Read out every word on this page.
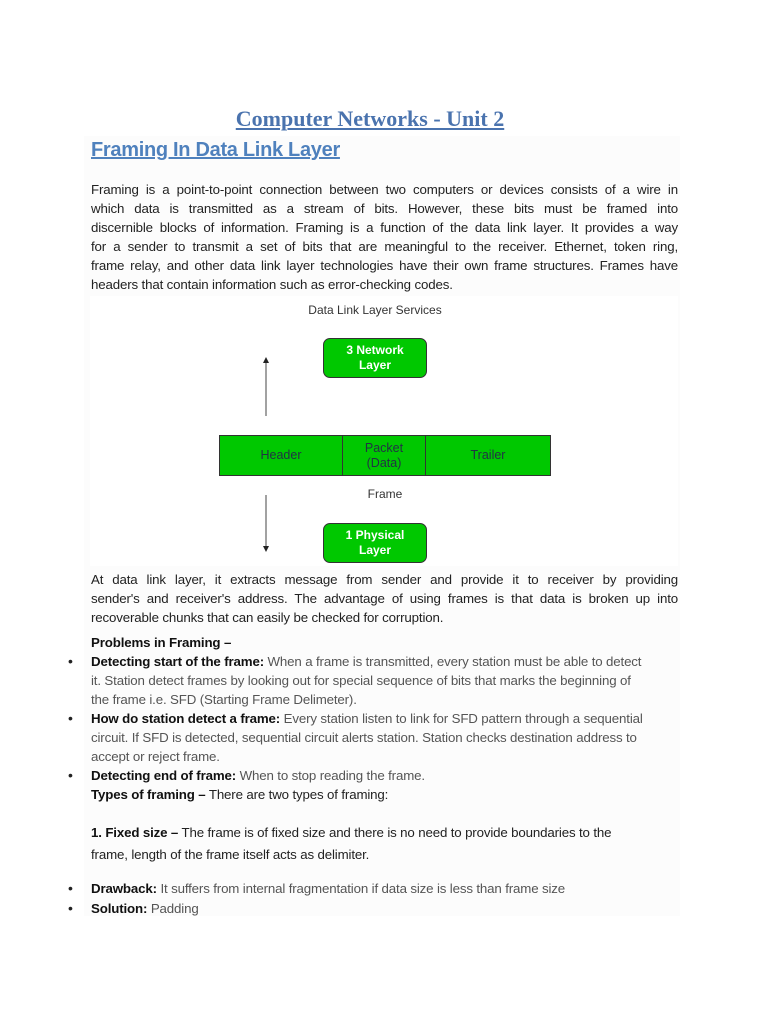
Computer Networks - Unit 2
Framing In Data Link Layer
Framing is a point-to-point connection between two computers or devices consists of a wire in
which data is transmitted as a stream of bits. However, these bits must be framed into
discernible blocks of information. Framing is a function of the data link layer. It provides a way
for a sender to transmit a set of bits that are meaningful to the receiver. Ethernet, token ring,
frame relay, and other data link layer technologies have their own frame structures. Frames have
headers that contain information such as error-checking codes.
Data Link Layer Services
3 Network
Layer
Header
Packet
(Data)
Trailer
Frame
1 Physical
Layer
At data link layer, it extracts message from sender and provide it to receiver by providing
sender's and receiver's address. The advantage of using frames is that data is broken up into
recoverable chunks that can easily be checked for corruption.
Problems in Framing –
• Detecting start of the frame: When a frame is transmitted, every station must be able to detect
it. Station detect frames by looking out for special sequence of bits that marks the beginning of
the frame i.e. SFD (Starting Frame Delimeter).
• How do station detect a frame: Every station listen to link for SFD pattern through a sequential
circuit. If SFD is detected, sequential circuit alerts station. Station checks destination address to
accept or reject frame.
• Detecting end of frame: When to stop reading the frame.
Types of framing – There are two types of framing:
1. Fixed size – The frame is of fixed size and there is no need to provide boundaries to the
frame, length of the frame itself acts as delimiter.
• Drawback: It suffers from internal fragmentation if data size is less than frame size
• Solution: Padding
